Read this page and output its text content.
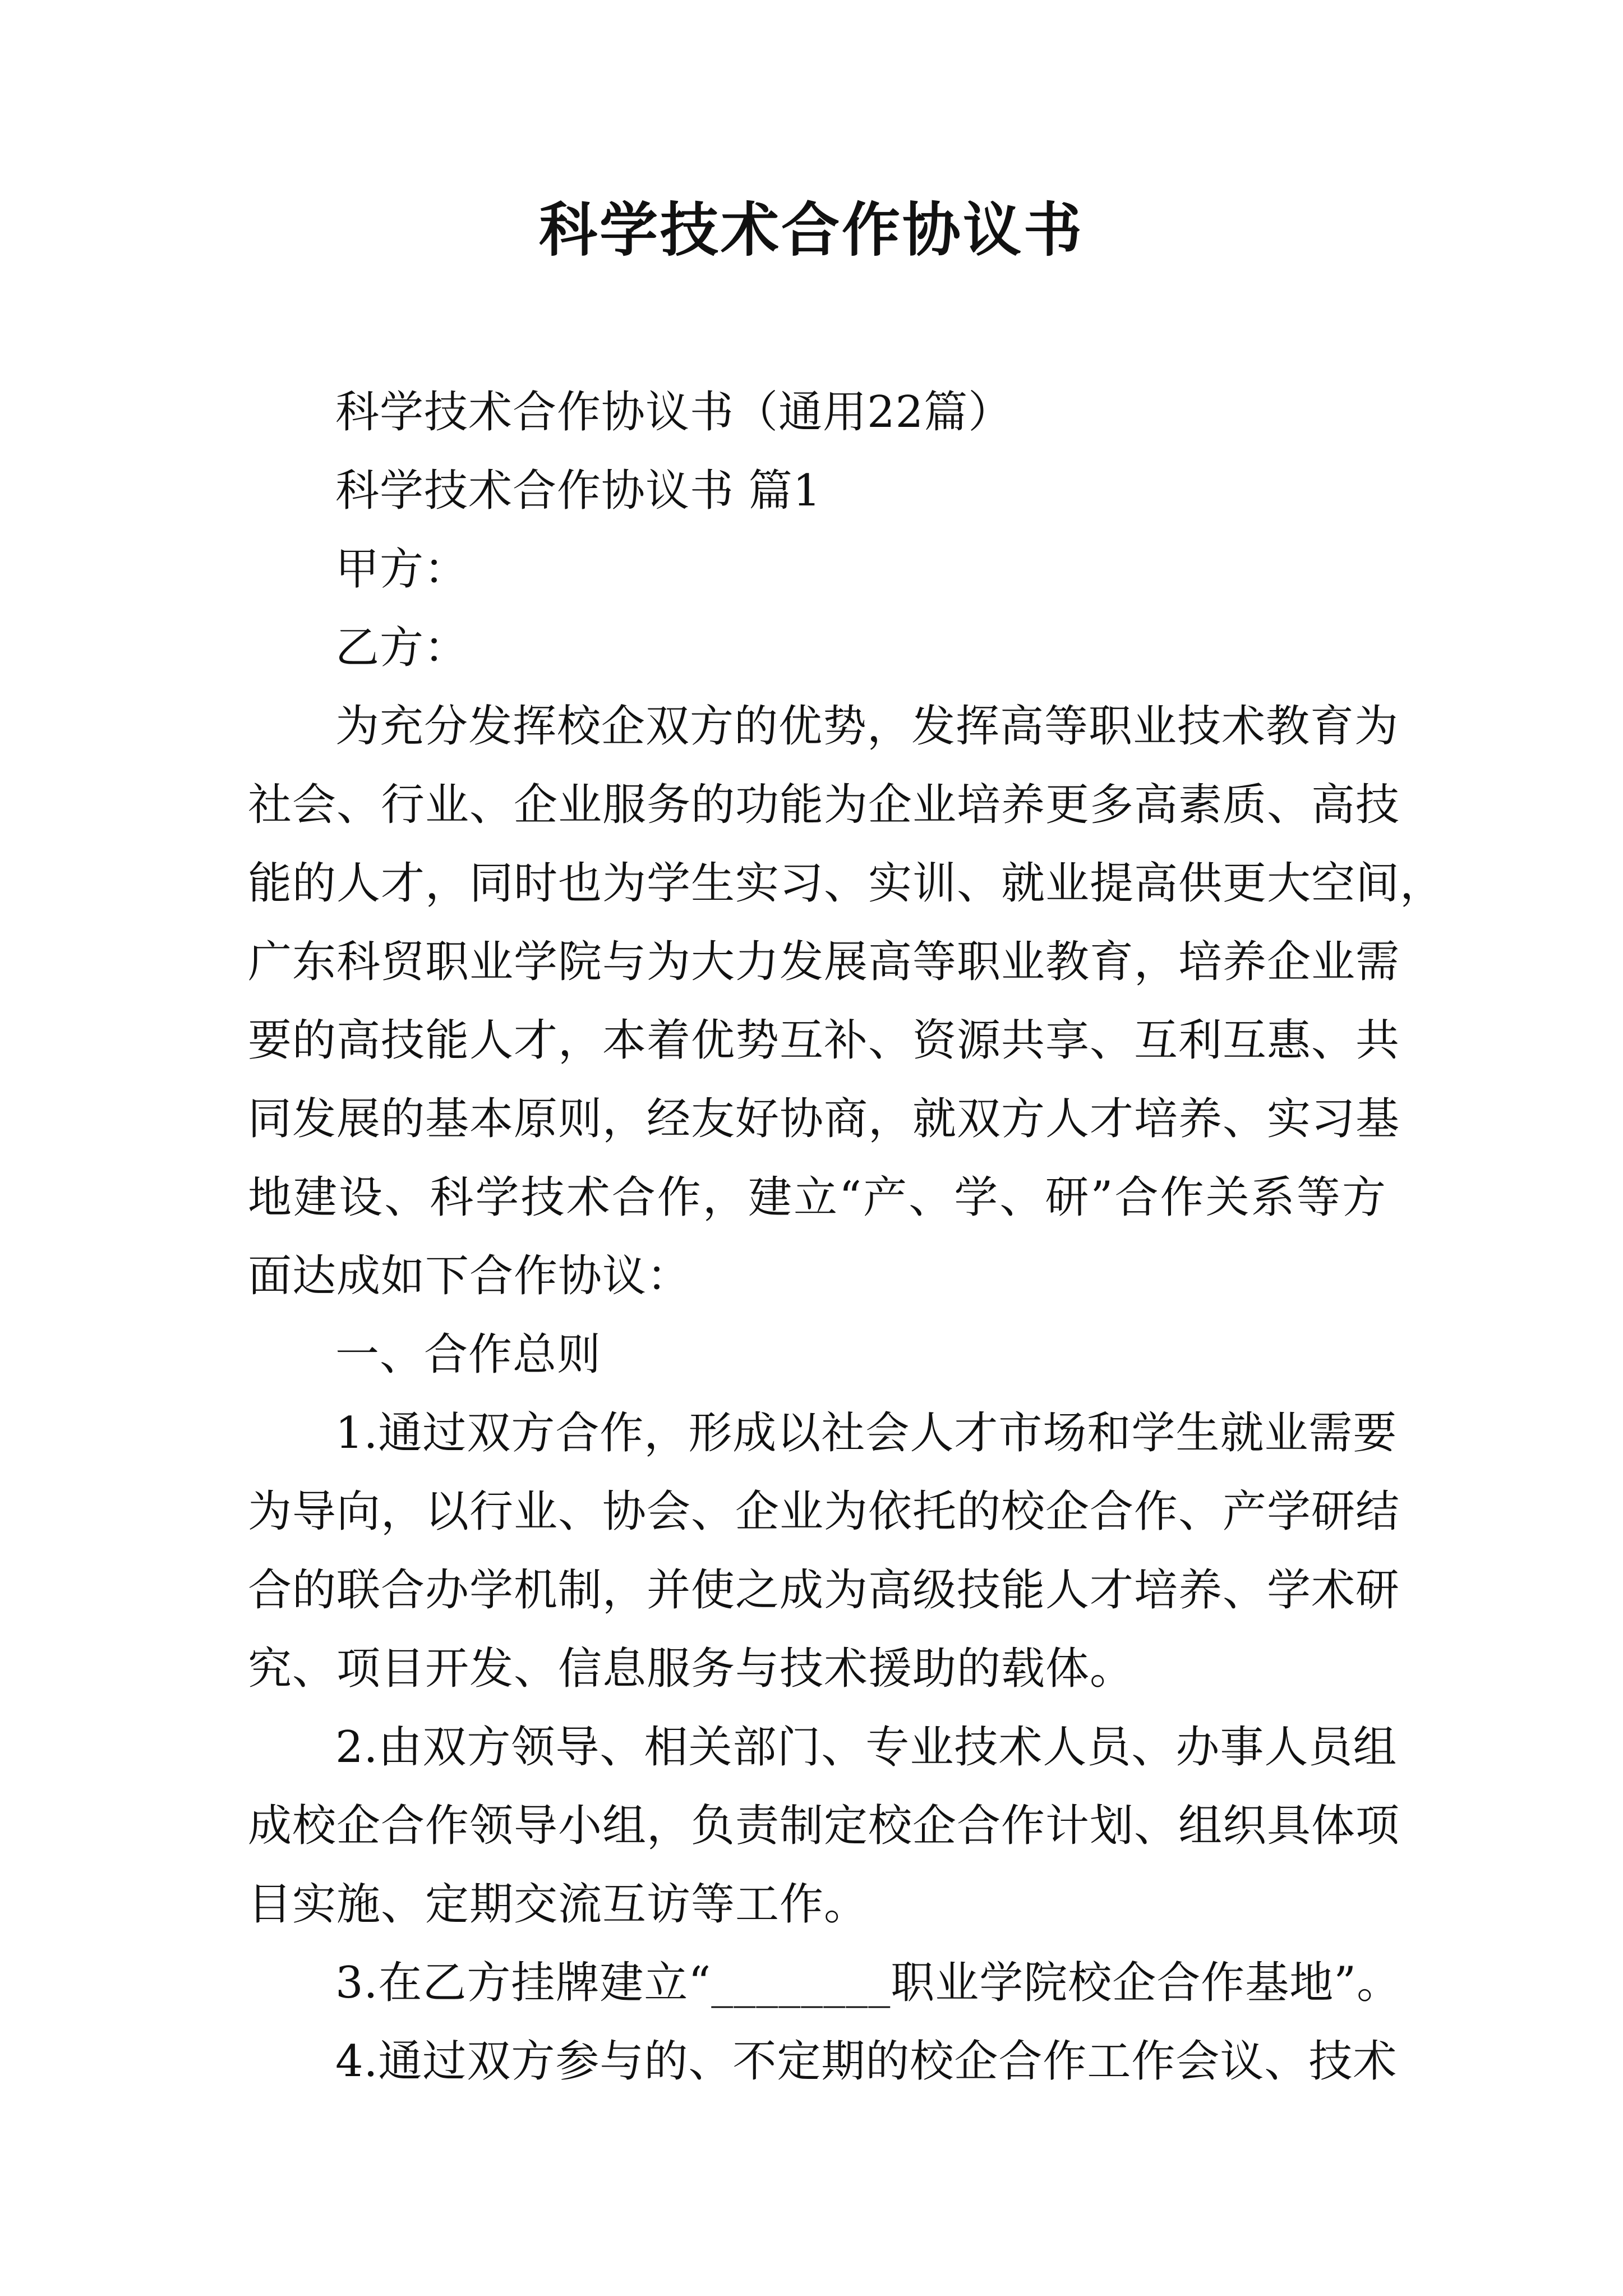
科学技术合作协议书
科学技术合作协议书（通用22篇）
科学技术合作协议书 篇1
甲方：
乙方：
为充分发挥校企双方的优势，发挥高等职业技术教育为
社会、行业、企业服务的功能为企业培养更多高素质、高技
能的人才，同时也为学生实习、实训、就业提高供更大空间，
广东科贸职业学院与为大力发展高等职业教育，培养企业需
要的高技能人才，本着优势互补、资源共享、互利互惠、共
同发展的基本原则，经友好协商，就双方人才培养、实习基
地建设、科学技术合作，建立“产、学、研”合作关系等方
面达成如下合作协议：
一、合作总则
1.通过双方合作，形成以社会人才市场和学生就业需要
为导向，以行业、协会、企业为依托的校企合作、产学研结
合的联合办学机制，并使之成为高级技能人才培养、学术研
究、项目开发、信息服务与技术援助的载体。
2.由双方领导、相关部门、专业技术人员、办事人员组
成校企合作领导小组，负责制定校企合作计划、组织具体项
目实施、定期交流互访等工作。
3.在乙方挂牌建立“________职业学院校企合作基地”。
4.通过双方参与的、不定期的校企合作工作会议、技术
